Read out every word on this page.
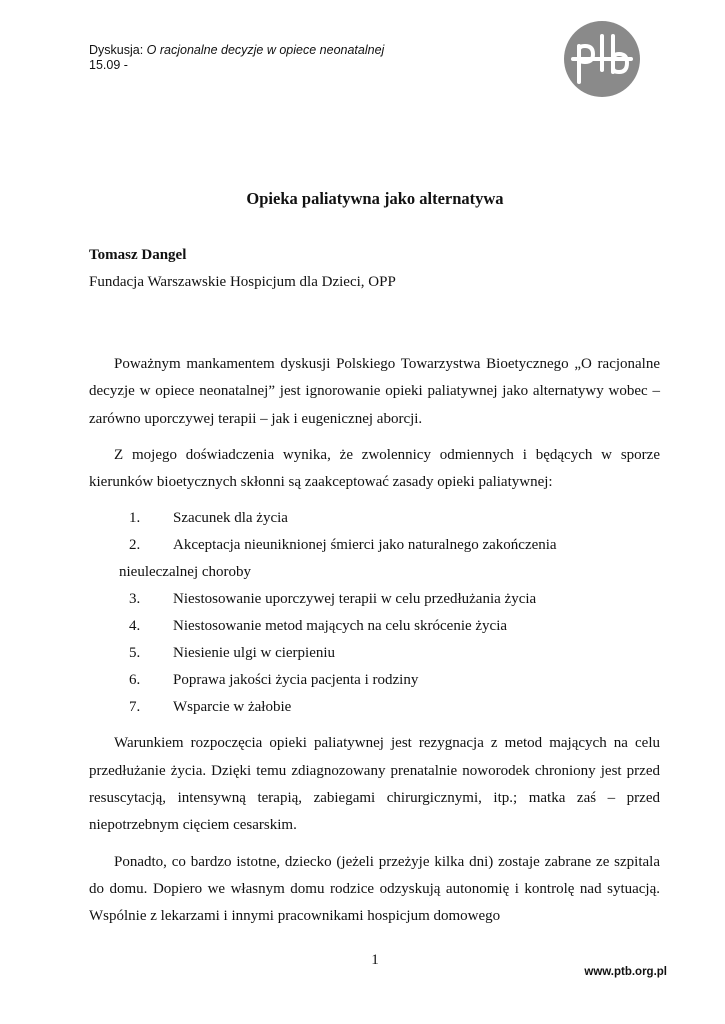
Dyskusja: O racjonalne decyzje w opiece neonatalnej
15.09 -
Opieka paliatywna jako alternatywa
Tomasz Dangel
Fundacja Warszawskie Hospicjum dla Dzieci, OPP

Poważnym mankamentem dyskusji Polskiego Towarzystwa Bioetycznego „O racjonalne decyzje w opiece neonatalnej” jest ignorowanie opieki paliatywnej jako alternatywy wobec – zarówno uporczywej terapii – jak i eugenicznej aborcji.

Z mojego doświadczenia wynika, że zwolennicy odmiennych i będących w sporze kierunków bioetycznych skłonni są zaakceptować zasady opieki paliatywnej:

1. Szacunek dla życia
2. Akceptacja nieuniknionej śmierci jako naturalnego zakończenia
nieuleczalnej choroby
3. Niestosowanie uporczywej terapii w celu przedłużania życia
4. Niestosowanie metod mających na celu skrócenie życia
5. Niesienie ulgi w cierpieniu
6. Poprawa jakości życia pacjenta i rodziny
7. Wsparcie w żałobie

Warunkiem rozpoczęcia opieki paliatywnej jest rezygnacja z metod mających na celu przedłużanie życia. Dzięki temu zdiagnozowany prenatalnie noworodek chroniony jest przed resuscytacją, intensywną terapią, zabiegami chirurgicznymi, itp.; matka zaś – przed niepotrzebnym cięciem cesarskim.

Ponadto, co bardzo istotne, dziecko (jeżeli przeżyje kilka dni) zostaje zabrane ze szpitala do domu. Dopiero we własnym domu rodzice odzyskują autonomię i kontrolę nad sytuacją. Wspólnie z lekarzami i innymi pracownikami hospicjum domowego

1
www.ptb.org.pl
